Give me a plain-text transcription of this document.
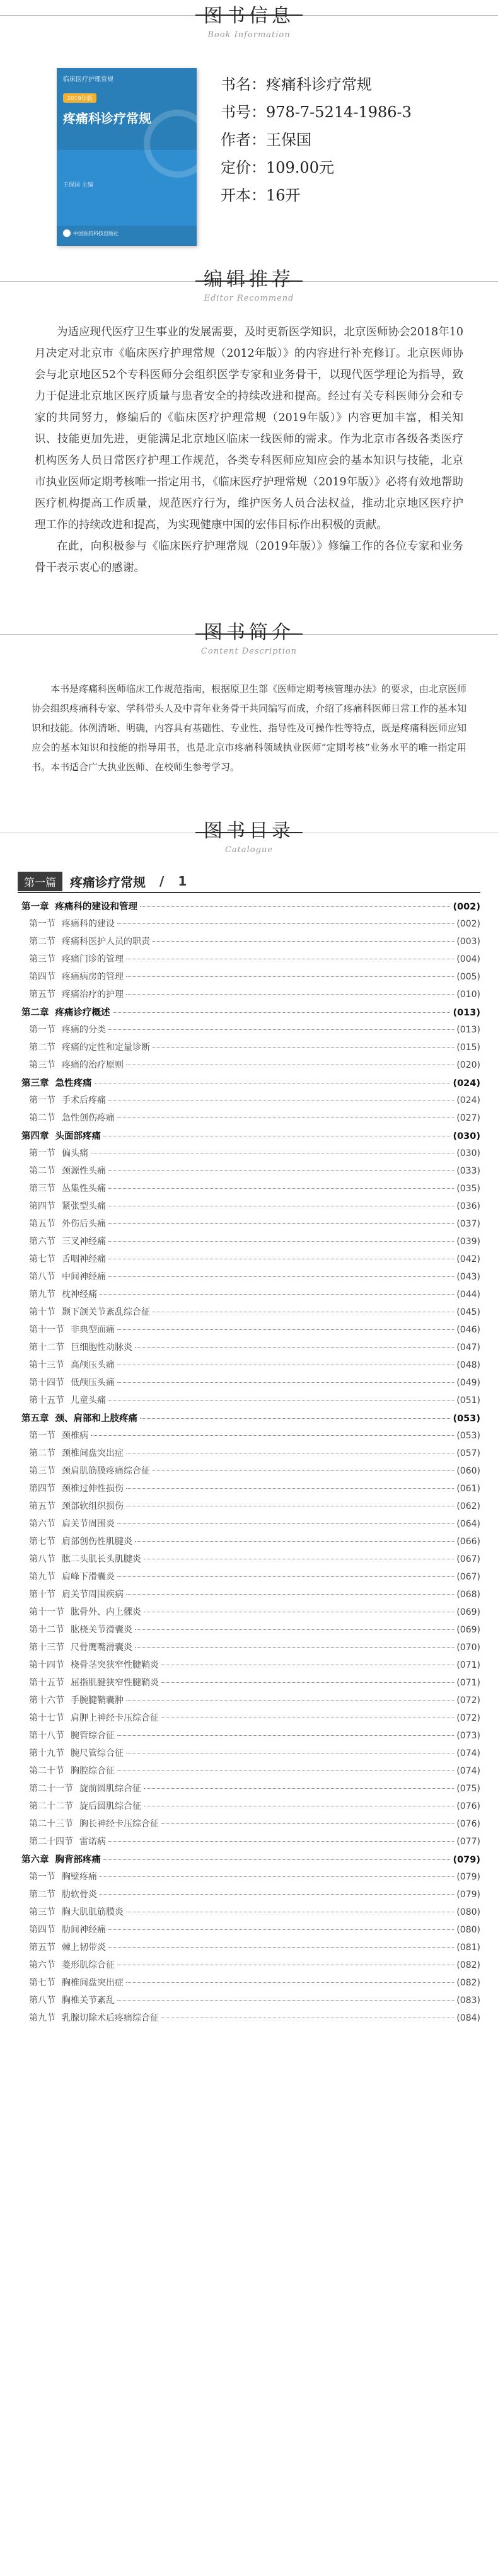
图书信息
Book Information
临床医疗护理常规
2019年版
疼痛科诊疗常规
王保国 主编
中国医药科技出版社
书名：疼痛科诊疗常规
书号：978-7-5214-1986-3
作者：王保国
定价：109.00元
开本：16开
编辑推荐
Editor Recommend

为适应现代医疗卫生事业的发展需要，及时更新医学知识，北京医师协会2018年10月决定对北京市《临床医疗护理常规（2012年版）》的内容进行补充修订。北京医师协会与北京地区52个专科医师分会组织医学专家和业务骨干，以现代医学理论为指导，致力于促进北京地区医疗质量与患者安全的持续改进和提高。经过有关专科医师分会和专家的共同努力，修编后的《临床医疗护理常规（2019年版）》内容更加丰富，相关知识、技能更加先进，更能满足北京地区临床一线医师的需求。作为北京市各级各类医疗机构医务人员日常医疗护理工作规范，各类专科医师应知应会的基本知识与技能，北京市执业医师定期考核唯一指定用书，《临床医疗护理常规（2019年版）》必将有效地帮助医疗机构提高工作质量，规范医疗行为，维护医务人员合法权益，推动北京地区医疗护理工作的持续改进和提高，为实现健康中国的宏伟目标作出积极的贡献。

在此，向积极参与《临床医疗护理常规（2019年版）》修编工作的各位专家和业务骨干表示衷心的感谢。

图书简介
Content Description

本书是疼痛科医师临床工作规范指南，根据原卫生部《医师定期考核管理办法》的要求，由北京医师协会组织疼痛科专家、学科带头人及中青年业务骨干共同编写而成，介绍了疼痛科医师日常工作的基本知识和技能。体例清晰、明确，内容具有基础性、专业性、指导性及可操作性等特点，既是疼痛科医师应知应会的基本知识和技能的指导用书，也是北京市疼痛科领域执业医师“定期考核”业务水平的唯一指定用书。本书适合广大执业医师、在校师生参考学习。

图书目录
Catalogue
第一篇	疼痛诊疗常规 / 1
第一章 疼痛科的建设和管理	(002)
第一节 疼痛科的建设	(002)
第二节 疼痛科医护人员的职责	(003)
第三节 疼痛门诊的管理	(004)
第四节 疼痛病房的管理	(005)
第五节 疼痛治疗的护理	(010)
第二章 疼痛诊疗概述	(013)
第一节 疼痛的分类	(013)
第二节 疼痛的定性和定量诊断	(015)
第三节 疼痛的治疗原则	(020)
第三章 急性疼痛	(024)
第一节 手术后疼痛	(024)
第二节 急性创伤疼痛	(027)
第四章 头面部疼痛	(030)
第一节 偏头痛	(030)
第二节 颈源性头痛	(033)
第三节 丛集性头痛	(035)
第四节 紧张型头痛	(036)
第五节 外伤后头痛	(037)
第六节 三叉神经痛	(039)
第七节 舌咽神经痛	(042)
第八节 中间神经痛	(043)
第九节 枕神经痛	(044)
第十节 颞下颌关节紊乱综合征	(045)
第十一节 非典型面痛	(046)
第十二节 巨细胞性动脉炎	(047)
第十三节 高颅压头痛	(048)
第十四节 低颅压头痛	(049)
第十五节 儿童头痛	(051)
第五章 颈、肩部和上肢疼痛	(053)
第一节 颈椎病	(053)
第二节 颈椎间盘突出症	(057)
第三节 颈肩肌筋膜疼痛综合征	(060)
第四节 颈椎过伸性损伤	(061)
第五节 颈部软组织损伤	(062)
第六节 肩关节周围炎	(064)
第七节 肩部创伤性肌腱炎	(066)
第八节 肱二头肌长头肌腱炎	(067)
第九节 肩峰下滑囊炎	(067)
第十节 肩关节周围疾病	(068)
第十一节 肱骨外、内上髁炎	(069)
第十二节 肱桡关节滑囊炎	(069)
第十三节 尺骨鹰嘴滑囊炎	(070)
第十四节 桡骨茎突狭窄性腱鞘炎	(071)
第十五节 屈指肌腱狭窄性腱鞘炎	(071)
第十六节 手腕腱鞘囊肿	(072)
第十七节 肩胛上神经卡压综合征	(072)
第十八节 腕管综合征	(073)
第十九节 腕尺管综合征	(074)
第二十节 胸腔综合征	(074)
第二十一节 旋前圆肌综合征	(075)
第二十二节 旋后圆肌综合征	(076)
第二十三节 胸长神经卡压综合征	(076)
第二十四节 雷诺病	(077)
第六章 胸背部疼痛	(079)
第一节 胸壁疼痛	(079)
第二节 肋软骨炎	(079)
第三节 胸大肌肌筋膜炎	(080)
第四节 肋间神经痛	(080)
第五节 棘上韧带炎	(081)
第六节 菱形肌综合征	(082)
第七节 胸椎间盘突出症	(082)
第八节 胸椎关节紊乱	(083)
第九节 乳腺切除术后疼痛综合征	(084)
